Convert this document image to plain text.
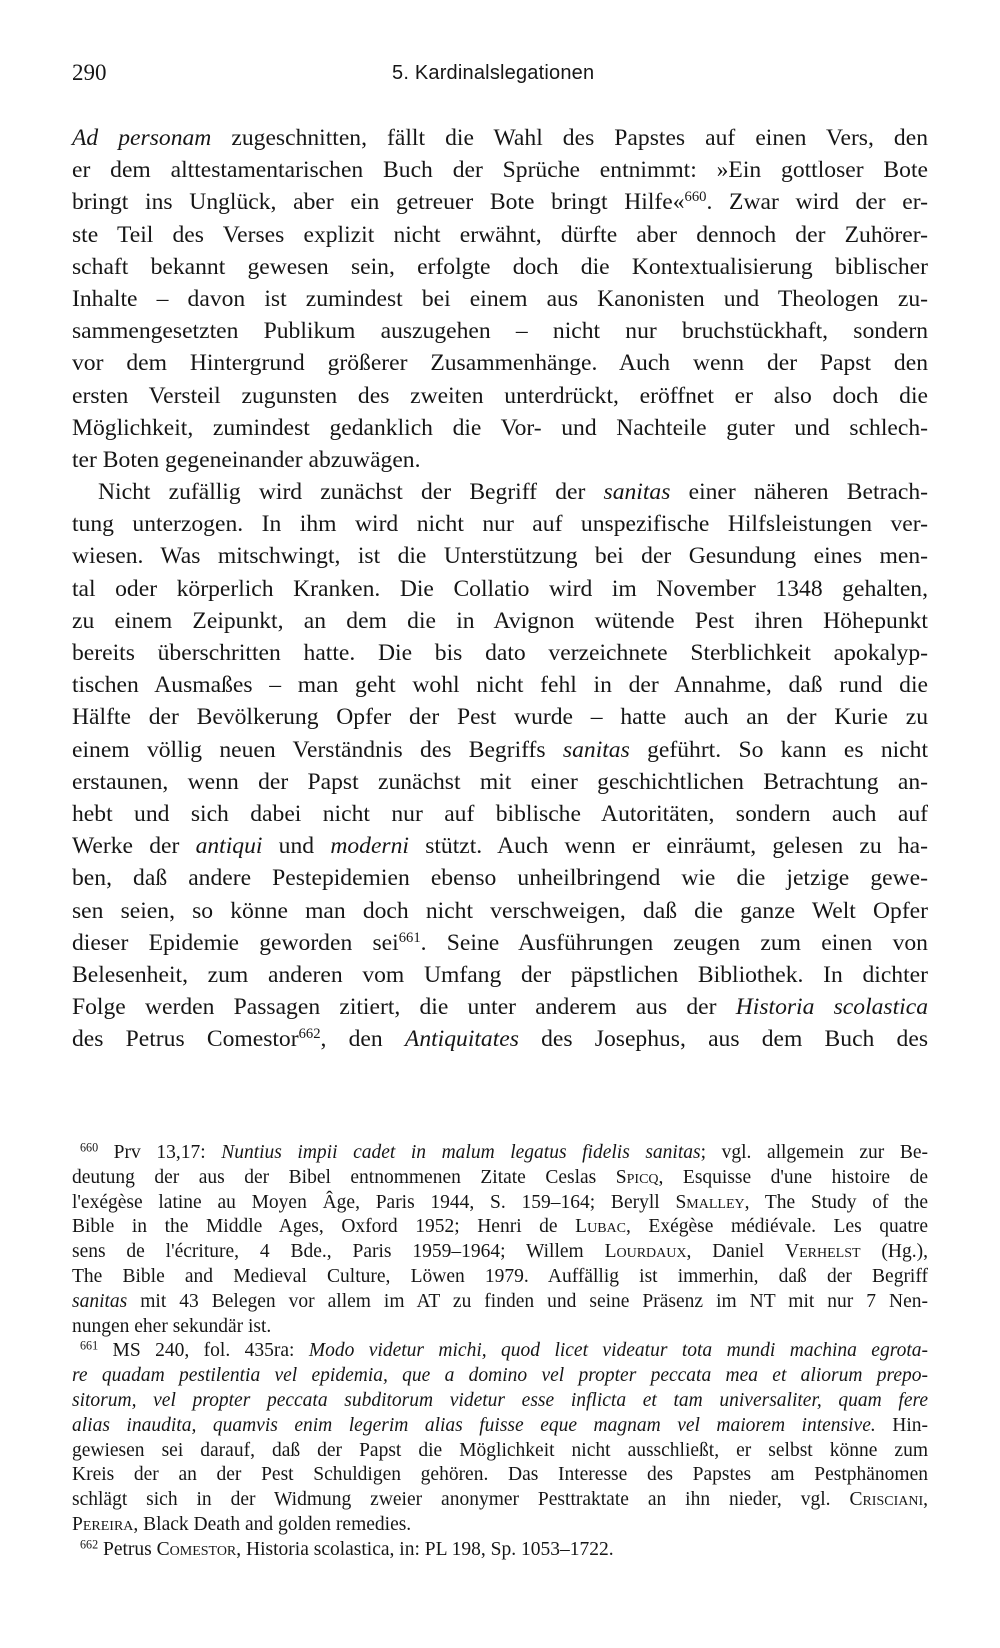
290	5. Kardinalslegationen
Ad personam zugeschnitten, fällt die Wahl des Papstes auf einen Vers, den
er dem alttestamentarischen Buch der Sprüche entnimmt: »Ein gottloser Bote
bringt ins Unglück, aber ein getreuer Bote bringt Hilfe«$^{660}$. Zwar wird der er-
ste Teil des Verses explizit nicht erwähnt, dürfte aber dennoch der Zuhörer-
schaft bekannt gewesen sein, erfolgte doch die Kontextualisierung biblischer
Inhalte – davon ist zumindest bei einem aus Kanonisten und Theologen zu-
sammengesetzten Publikum auszugehen – nicht nur bruchstückhaft, sondern
vor dem Hintergrund größerer Zusammenhänge. Auch wenn der Papst den
ersten Versteil zugunsten des zweiten unterdrückt, eröffnet er also doch die
Möglichkeit, zumindest gedanklich die Vor- und Nachteile guter und schlech-
ter Boten gegeneinander abzuwägen.
Nicht zufällig wird zunächst der Begriff der sanitas einer näheren Betrach-
tung unterzogen. In ihm wird nicht nur auf unspezifische Hilfsleistungen ver-
wiesen. Was mitschwingt, ist die Unterstützung bei der Gesundung eines men-
tal oder körperlich Kranken. Die Collatio wird im November 1348 gehalten,
zu einem Zeipunkt, an dem die in Avignon wütende Pest ihren Höhepunkt
bereits überschritten hatte. Die bis dato verzeichnete Sterblichkeit apokalyp-
tischen Ausmaßes – man geht wohl nicht fehl in der Annahme, daß rund die
Hälfte der Bevölkerung Opfer der Pest wurde – hatte auch an der Kurie zu
einem völlig neuen Verständnis des Begriffs sanitas geführt. So kann es nicht
erstaunen, wenn der Papst zunächst mit einer geschichtlichen Betrachtung an-
hebt und sich dabei nicht nur auf biblische Autoritäten, sondern auch auf
Werke der antiqui und moderni stützt. Auch wenn er einräumt, gelesen zu ha-
ben, daß andere Pestepidemien ebenso unheilbringend wie die jetzige gewe-
sen seien, so könne man doch nicht verschweigen, daß die ganze Welt Opfer
dieser Epidemie geworden sei$^{661}$. Seine Ausführungen zeugen zum einen von
Belesenheit, zum anderen vom Umfang der päpstlichen Bibliothek. In dichter
Folge werden Passagen zitiert, die unter anderem aus der Historia scolastica
des Petrus Comestor$^{662}$, den Antiquitates des Josephus, aus dem Buch des
$^{660}$ Prv 13,17: Nuntius impii cadet in malum legatus fidelis sanitas; vgl. allgemein zur Be-
deutung der aus der Bibel entnommenen Zitate Ceslas Spicq, Esquisse d'une histoire de
l'exégèse latine au Moyen Âge, Paris 1944, S. 159–164; Beryll Smalley, The Study of the
Bible in the Middle Ages, Oxford 1952; Henri de Lubac, Exégèse médiévale. Les quatre
sens de l'écriture, 4 Bde., Paris 1959–1964; Willem Lourdaux, Daniel Verhelst (Hg.),
The Bible and Medieval Culture, Löwen 1979. Auffällig ist immerhin, daß der Begriff
sanitas mit 43 Belegen vor allem im AT zu finden und seine Präsenz im NT mit nur 7 Nen-
nungen eher sekundär ist.
$^{661}$ MS 240, fol. 435ra: Modo videtur michi, quod licet videatur tota mundi machina egrota-
re quadam pestilentia vel epidemia, que a domino vel propter peccata mea et aliorum prepo-
sitorum, vel propter peccata subditorum videtur esse inflicta et tam universaliter, quam fere
alias inaudita, quamvis enim legerim alias fuisse eque magnam vel maiorem intensive. Hin-
gewiesen sei darauf, daß der Papst die Möglichkeit nicht ausschließt, er selbst könne zum
Kreis der an der Pest Schuldigen gehören. Das Interesse des Papstes am Pestphänomen
schlägt sich in der Widmung zweier anonymer Pesttraktate an ihn nieder, vgl. Crisciani,
Pereira, Black Death and golden remedies.
$^{662}$ Petrus Comestor, Historia scolastica, in: PL 198, Sp. 1053–1722.
